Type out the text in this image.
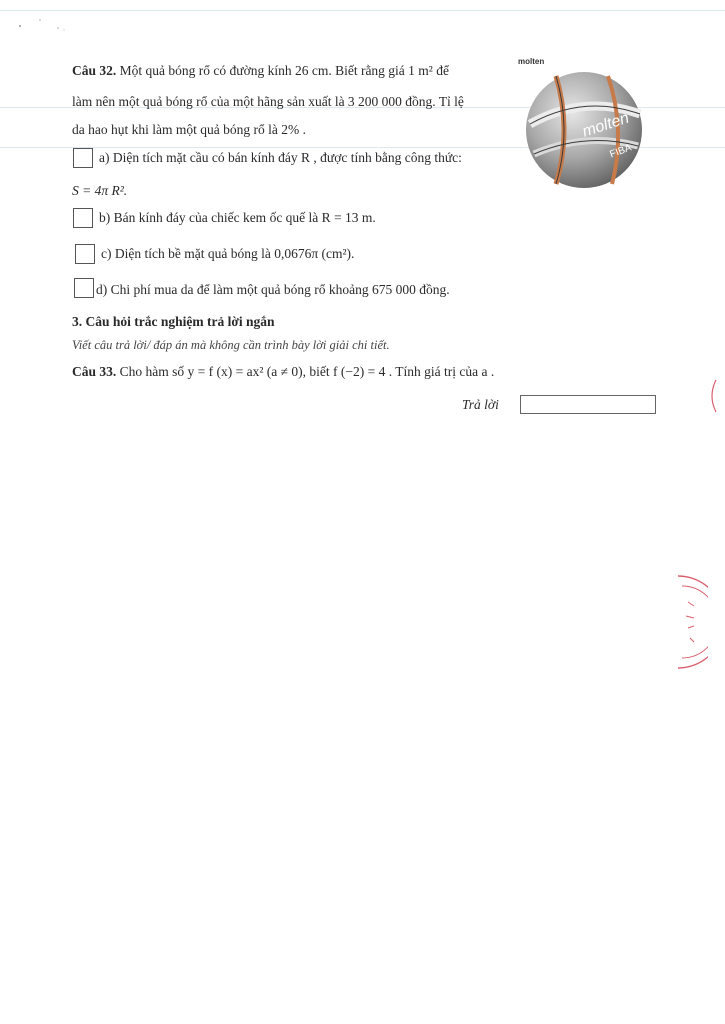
Câu 32. Một quả bóng rổ có đường kính 26 cm. Biết rằng giá 1 m² để
làm nên một quả bóng rổ của một hãng sản xuất là 3 200 000 đồng. Tỉ lệ
da hao hụt khi làm một quả bóng rổ là 2% .	molten
FIBA
molten
a) Diện tích mặt cầu có bán kính đáy R , được tính bằng công thức:
S = 4π R².
b) Bán kính đáy của chiếc kem ốc quế là R = 13 m.
c) Diện tích bề mặt quả bóng là 0,0676π (cm²).
d) Chi phí mua da để làm một quả bóng rổ khoảng 675 000 đồng.
3. Câu hỏi trắc nghiệm trả lời ngắn
Viết câu trả lời/ đáp án mà không cần trình bày lời giải chi tiết.
Câu 33. Cho hàm số y = f (x) = ax² (a ≠ 0), biết f (−2) = 4 . Tính giá trị của a .
Trả lời
